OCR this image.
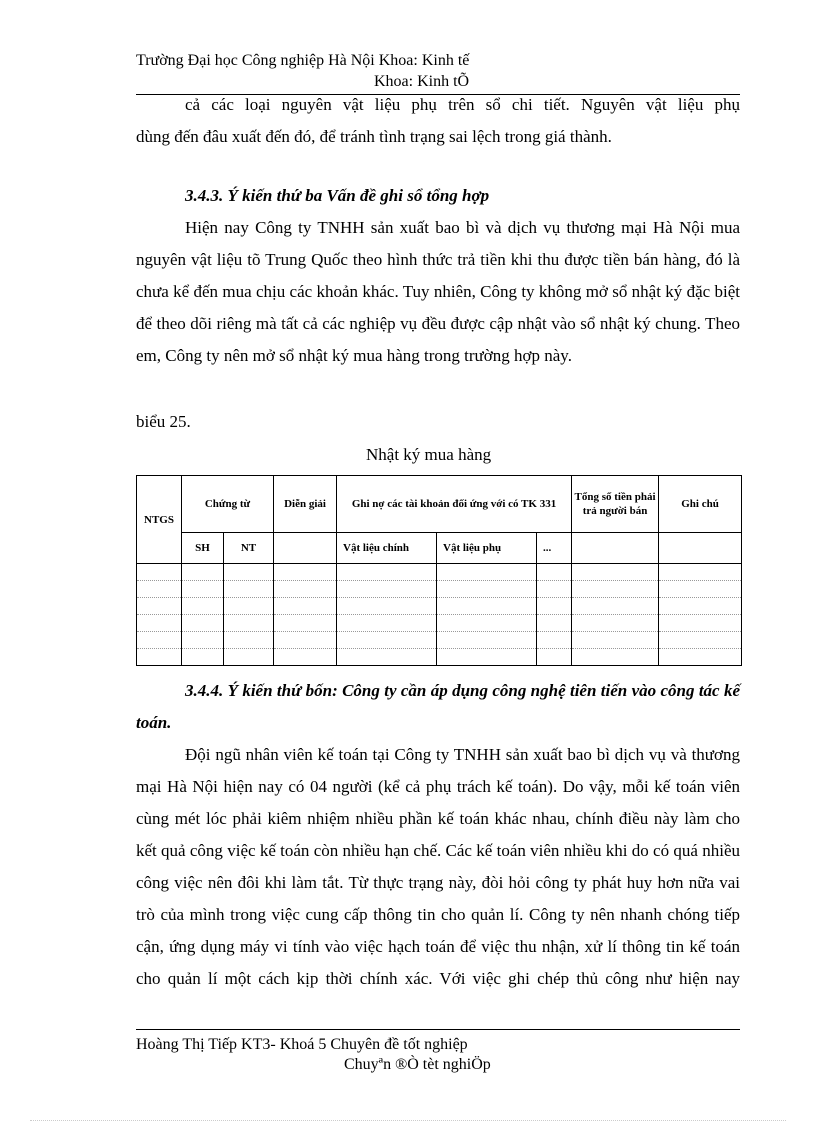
Trường Đại học Công nghiệp Hà Nội Khoa: Kinh tế
Khoa: Kinh tÕ
cả các loại nguyên vật liệu phụ trên sổ chi tiết. Nguyên vật liệu phụ
dùng đến đâu xuất đến đó, để tránh tình trạng sai lệch trong giá thành.
3.4.3. Ý kiến thứ ba Vấn đề ghi sổ tổng hợp

Hiện nay Công ty TNHH sản xuất bao bì và dịch vụ thương mại Hà Nội mua nguyên vật liệu tõ Trung Quốc theo hình thức trả tiền khi thu được tiền bán hàng, đó là chưa kể đến mua chịu các khoản khác. Tuy nhiên, Công ty không mở sổ nhật ký đặc biệt để theo dõi riêng mà tất cả các nghiệp vụ đều được cập nhật vào sổ nhật ký chung. Theo em, Công ty nên mở sổ nhật ký mua hàng trong trường hợp này.

biểu 25.
Nhật ký mua hàng
NTGS	Chứng từ		Diễn giải	Ghi nợ các tài khoản đối ứng với có TK 331			Tổng số tiền phải trả người bán	Ghi chú
	SH	NT		Vật liệu chính	Vật liệu phụ	...		

3.4.4. Ý kiến thứ bốn: Công ty cần áp dụng công nghệ tiên tiến vào công tác kế toán.

Đội ngũ nhân viên kế toán tại Công ty TNHH sản xuất bao bì dịch vụ và thương mại Hà Nội hiện nay có 04 người (kể cả phụ trách kế toán). Do vậy, mỗi kế toán viên cùng mét lóc phải kiêm nhiệm nhiều phần kế toán khác nhau, chính điều này làm cho kết quả công việc kế toán còn nhiều hạn chế. Các kế toán viên nhiều khi do có quá nhiều công việc nên đôi khi làm tắt. Từ thực trạng này, đòi hỏi công ty phát huy hơn nữa vai trò của mình trong việc cung cấp thông tin cho quản lí. Công ty nên nhanh chóng tiếp cận, ứng dụng máy vi tính vào việc hạch toán để việc thu nhận, xử lí thông tin kế toán cho quản lí một cách kịp thời chính xác. Với việc ghi chép thủ công như hiện nay

Hoàng Thị Tiếp KT3- Khoá 5 Chuyên đề tốt nghiệp
Chuyªn ®Ò tèt nghiÖp
